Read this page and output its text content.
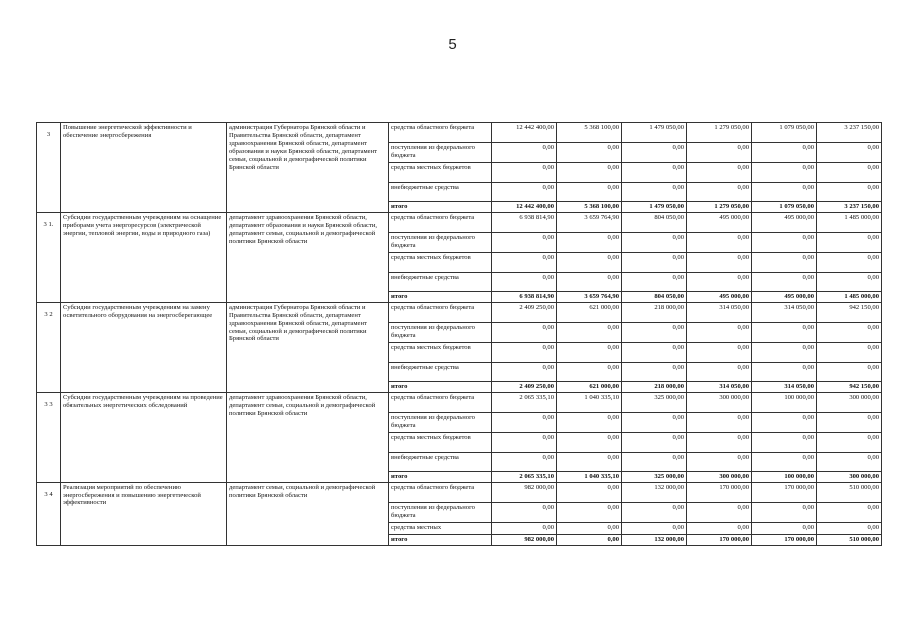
5
3	Повышение энергетической эффективности и обеспечение энергосбережения	администрация Губернатора Брянской области и Правительства Брянской области, департамент здравоохранения Брянской области, департамент образования и науки Брянской области, департамент семьи, социальной и демографической политики Брянской области	средства областного бюджета	12 442 400,00	5 368 100,00	1 479 050,00	1 279 050,00	1 079 050,00	3 237 150,00
			поступления из федерального бюджета	0,00	0,00	0,00	0,00	0,00	0,00
			средства местных бюджетов	0,00	0,00	0,00	0,00	0,00	0,00
			внебюджетные средства	0,00	0,00	0,00	0,00	0,00	0,00
			итого	12 442 400,00	5 368 100,00	1 479 050,00	1 279 050,00	1 079 050,00	3 237 150,00
3 1.	Субсидии государственным учреждениям на оснащение приборами учета энергоресурсов (электрической энергии, тепловой энергии, воды и природного газа)	департамент здравоохранения Брянской области, департамент образования и науки Брянской области, департамент семьи, социальной и демографической политики Брянской области	средства областного бюджета	6 938 814,90	3 659 764,90	804 050,00	495 000,00	495 000,00	1 485 000,00
			поступления из федерального бюджета	0,00	0,00	0,00	0,00	0,00	0,00
			средства местных бюджетов	0,00	0,00	0,00	0,00	0,00	0,00
			внебюджетные средства	0,00	0,00	0,00	0,00	0,00	0,00
			итого	6 938 814,90	3 659 764,90	804 050,00	495 000,00	495 000,00	1 485 000,00
3 2	Субсидии государственным учреждениям на замену осветительного оборудования на энергосберегающее	администрация Губернатора Брянской области и Правительства Брянской области, департамент здравоохранения Брянской области, департамент семьи, социальной и демографической политики Брянской области	средства областного бюджета	2 409 250,00	621 000,00	218 000,00	314 050,00	314 050,00	942 150,00
			поступления из федерального бюджета	0,00	0,00	0,00	0,00	0,00	0,00
			средства местных бюджетов	0,00	0,00	0,00	0,00	0,00	0,00
			внебюджетные средства	0,00	0,00	0,00	0,00	0,00	0,00
			итого	2 409 250,00	621 000,00	218 000,00	314 050,00	314 050,00	942 150,00
3 3	Субсидии государственным учреждениям на проведение обязательных энергетических обследований	департамент здравоохранения Брянской области, департамент семьи, социальной и демографической политики Брянской области	средства областного бюджета	2 065 335,10	1 040 335,10	325 000,00	300 000,00	100 000,00	300 000,00
			поступления из федерального бюджета	0,00	0,00	0,00	0,00	0,00	0,00
			средства местных бюджетов	0,00	0,00	0,00	0,00	0,00	0,00
			внебюджетные средства	0,00	0,00	0,00	0,00	0,00	0,00
			итого	2 065 335,10	1 040 335,10	325 000,00	300 000,00	100 000,00	300 000,00
3 4	Реализация мероприятий по обеспечению энергосбережения и повышению энергетической эффективности	департамент семьи, социальной и демографической политики Брянской области	средства областного бюджета	982 000,00	0,00	132 000,00	170 000,00	170 000,00	510 000,00
			поступления из федерального бюджета	0,00	0,00	0,00	0,00	0,00	0,00
			средства местных	0,00	0,00	0,00	0,00	0,00	0,00
			итого	982 000,00	0,00	132 000,00	170 000,00	170 000,00	510 000,00
